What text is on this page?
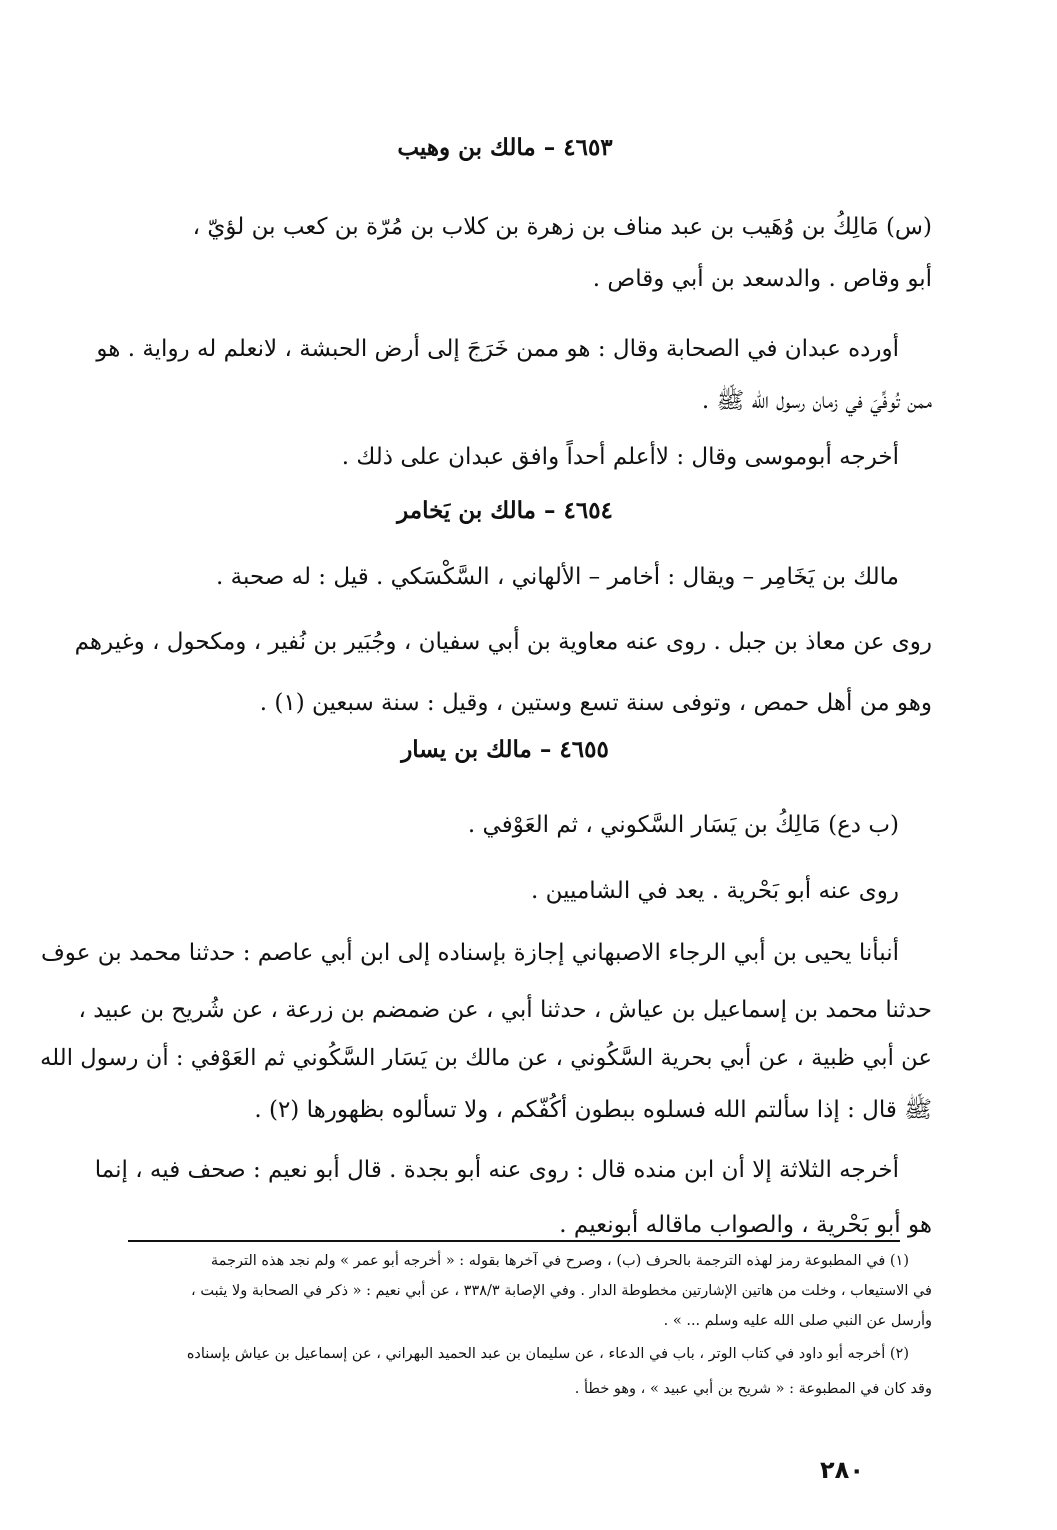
٤٦٥٣ – مالك بن وهيب
(س) مَالِكُ بن وُهَيب بن عبد مناف بن زهرة بن كلاب بن مُرّة بن كعب بن لؤيّ ،
أبو وقاص . والدسعد بن أبي وقاص .
أورده عبدان في الصحابة وقال : هو ممن خَرَجَ إلى أرض الحبشة ، لانعلم له رواية . هو
ممن تُوفِّيَ في زمان رسول الله ﷺ .
أخرجه أبوموسى وقال : لاأعلم أحداً وافق عبدان على ذلك .
٤٦٥٤ – مالك بن يَخامر
مالك بن يَخَامِر – ويقال : أخامر – الألهاني ، السَّكْسَكي . قيل : له صحبة .
روى عن معاذ بن جبل . روى عنه معاوية بن أبي سفيان ، وجُبَير بن نُفير ، ومكحول ، وغيرهم
وهو من أهل حمص ، وتوفى سنة تسع وستين ، وقيل : سنة سبعين (١) .
٤٦٥٥ – مالك بن يسار
(ب دع) مَالِكُ بن يَسَار السَّكوني ، ثم العَوْفي .
روى عنه أبو بَحْرية . يعد في الشاميين .
أنبأنا يحيى بن أبي الرجاء الاصبهاني إجازة بإسناده إلى ابن أبي عاصم : حدثنا محمد بن عوف
حدثنا محمد بن إسماعيل بن عياش ، حدثنا أبي ، عن ضمضم بن زرعة ، عن شُريح بن عبيد ،
عن أبي ظبية ، عن أبي بحرية السَّكُوني ، عن مالك بن يَسَار السَّكُوني ثم العَوْفي : أن رسول الله
ﷺ قال : إذا سألتم الله فسلوه ببطون أكُفّكم ، ولا تسألوه بظهورها (٢) .
أخرجه الثلاثة إلا أن ابن منده قال : روى عنه أبو بجدة . قال أبو نعيم : صحف فيه ، إنما
هو أبو بَحْرية ، والصواب ماقاله أبونعيم .
(١) في المطبوعة رمز لهذه الترجمة بالحرف (ب) ، وصرح في آخرها بقوله : « أخرجه أبو عمر » ولم نجد هذه الترجمة
في الاستيعاب ، وخلت من هاتين الإشارتين مخطوطة الدار . وفي الإصابة ٣٣٨/٣ ، عن أبي نعيم : « ذكر في الصحابة ولا يثبت ،
وأرسل عن النبي صلى الله عليه وسلم ... » .
(٢) أخرجه أبو داود في كتاب الوتر ، باب في الدعاء ، عن سليمان بن عبد الحميد البهراني ، عن إسماعيل بن عياش بإسناده
وقد كان في المطبوعة : « شريح بن أبي عبيد » ، وهو خطأ .
٢٨٠
